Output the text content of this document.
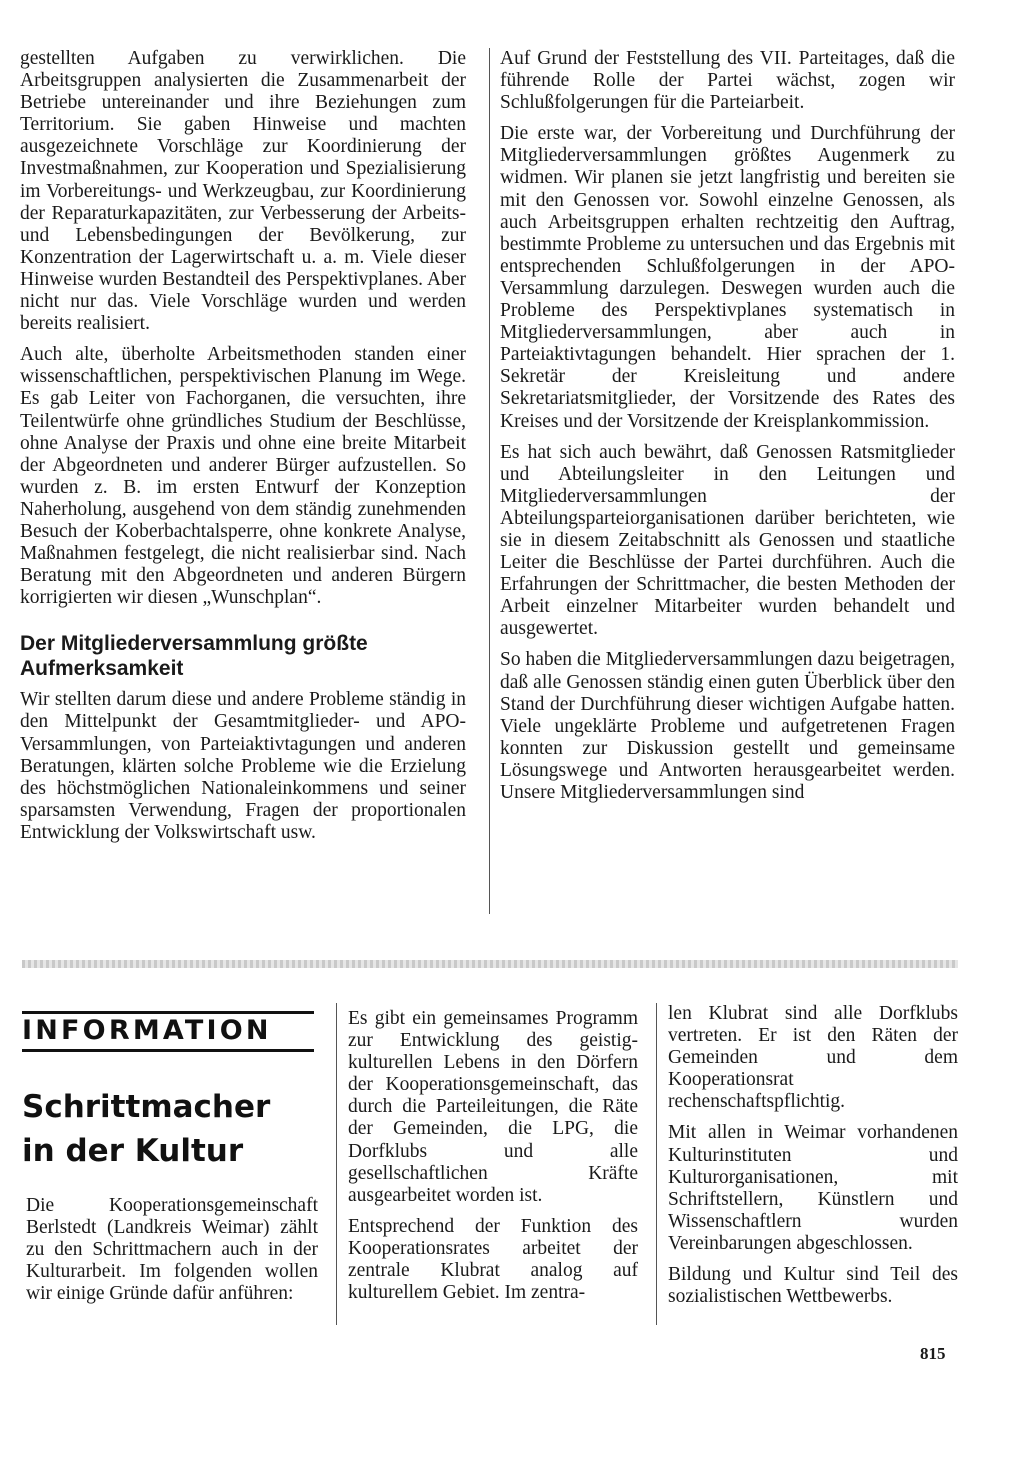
gestellten Aufgaben zu verwirklichen. Die Arbeitsgruppen analysierten die Zusammenarbeit der Betriebe untereinander und ihre Beziehungen zum Territorium. Sie gaben Hinweise und machten ausgezeichnete Vorschläge zur Koordinierung der Investmaßnahmen, zur Kooperation und Spezialisierung im Vorbereitungs- und Werkzeugbau, zur Koordinierung der Reparaturkapazitäten, zur Verbesserung der Arbeits- und Lebensbedingungen der Bevölkerung, zur Konzentration der Lagerwirtschaft u. a. m. Viele dieser Hinweise wurden Bestandteil des Perspektivplanes. Aber nicht nur das. Viele Vorschläge wurden und werden bereits realisiert.

Auch alte, überholte Arbeitsmethoden standen einer wissenschaftlichen, perspektivischen Planung im Wege. Es gab Leiter von Fachorganen, die versuchten, ihre Teilentwürfe ohne gründliches Studium der Beschlüsse, ohne Analyse der Praxis und ohne eine breite Mitarbeit der Abgeordneten und anderer Bürger aufzustellen. So wurden z. B. im ersten Entwurf der Konzeption Naherholung, ausgehend von dem ständig zunehmenden Besuch der Koberbachtalsperre, ohne konkrete Analyse, Maßnahmen festgelegt, die nicht realisierbar sind. Nach Beratung mit den Abgeordneten und anderen Bürgern korrigierten wir diesen „Wunschplan“.

Der Mitgliederversammlung größte Aufmerksamkeit

Wir stellten darum diese und andere Probleme ständig in den Mittelpunkt der Gesamtmitglieder- und APO-Versammlungen, von Parteiaktivtagungen und anderen Beratungen, klärten solche Probleme wie die Erzielung des höchstmöglichen Nationaleinkommens und seiner sparsamsten Verwendung, Fragen der proportionalen Entwicklung der Volkswirtschaft usw.

Auf Grund der Feststellung des VII. Parteitages, daß die führende Rolle der Partei wächst, zogen wir Schlußfolgerungen für die Parteiarbeit.

Die erste war, der Vorbereitung und Durchführung der Mitgliederversammlungen größtes Augenmerk zu widmen. Wir planen sie jetzt langfristig und bereiten sie mit den Genossen vor. Sowohl einzelne Genossen, als auch Arbeitsgruppen erhalten rechtzeitig den Auftrag, bestimmte Probleme zu untersuchen und das Ergebnis mit entsprechenden Schlußfolgerungen in der APO-Versammlung darzulegen. Deswegen wurden auch die Probleme des Perspektivplanes systematisch in Mitgliederversammlungen, aber auch in Parteiaktivtagungen behandelt. Hier sprachen der 1. Sekretär der Kreisleitung und andere Sekretariatsmitglieder, der Vorsitzende des Rates des Kreises und der Vorsitzende der Kreisplankommission.

Es hat sich auch bewährt, daß Genossen Ratsmitglieder und Abteilungsleiter in den Leitungen und Mitgliederversammlungen der Abteilungsparteiorganisationen darüber berichteten, wie sie in diesem Zeitabschnitt als Genossen und staatliche Leiter die Beschlüsse der Partei durchführen. Auch die Erfahrungen der Schrittmacher, die besten Methoden der Arbeit einzelner Mitarbeiter wurden behandelt und ausgewertet.

So haben die Mitgliederversammlungen dazu beigetragen, daß alle Genossen ständig einen guten Überblick über den Stand der Durchführung dieser wichtigen Aufgabe hatten. Viele ungeklärte Probleme und aufgetretenen Fragen konnten zur Diskussion gestellt und gemeinsame Lösungswege und Antworten herausgearbeitet werden. Unsere Mitgliederversammlungen sind

INFORMATION
Schrittmacher
in der Kultur

Die Kooperationsgemeinschaft Berlstedt (Landkreis Weimar) zählt zu den Schrittmachern auch in der Kulturarbeit. Im folgenden wollen wir einige Gründe dafür anführen:

Es gibt ein gemeinsames Programm zur Entwicklung des geistig-kulturellen Lebens in den Dörfern der Kooperationsgemeinschaft, das durch die Parteileitungen, die Räte der Gemeinden, die LPG, die Dorfklubs und alle gesellschaftlichen Kräfte ausgearbeitet worden ist.

Entsprechend der Funktion des Kooperationsrates arbeitet der zentrale Klubrat analog auf kulturellem Gebiet. Im zentra-

len Klubrat sind alle Dorfklubs vertreten. Er ist den Räten der Gemeinden und dem Kooperationsrat rechenschaftspflichtig.

Mit allen in Weimar vorhandenen Kulturinstituten und Kulturorganisationen, mit Schriftstellern, Künstlern und Wissenschaftlern wurden Vereinbarungen abgeschlossen.

Bildung und Kultur sind Teil des sozialistischen Wettbewerbs.

815
